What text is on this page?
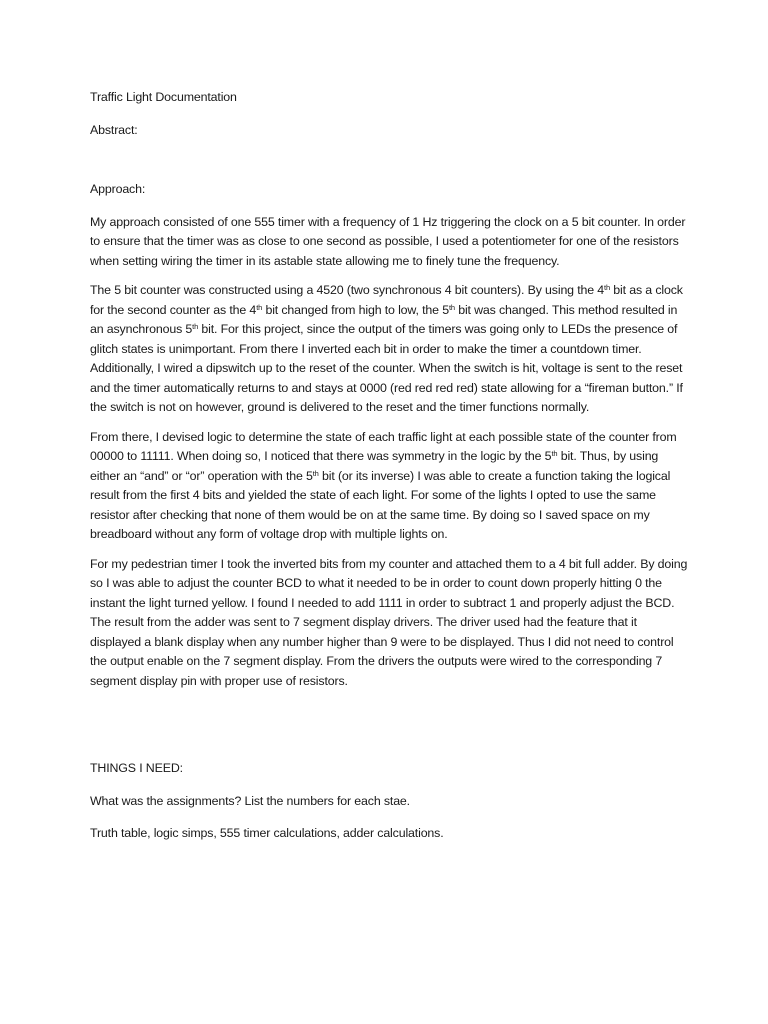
Traffic Light Documentation

Abstract:

Approach:

My approach consisted of one 555 timer with a frequency of 1 Hz triggering the clock on a 5 bit counter. In order to ensure that the timer was as close to one second as possible, I used a potentiometer for one of the resistors when setting wiring the timer in its astable state allowing me to finely tune the frequency.

The 5 bit counter was constructed using a 4520 (two synchronous 4 bit counters). By using the 4th bit as a clock for the second counter as the 4th bit changed from high to low, the 5th bit was changed. This method resulted in an asynchronous 5th bit. For this project, since the output of the timers was going only to LEDs the presence of glitch states is unimportant. From there I inverted each bit in order to make the timer a countdown timer. Additionally, I wired a dipswitch up to the reset of the counter. When the switch is hit, voltage is sent to the reset and the timer automatically returns to and stays at 0000 (red red red red) state allowing for a “fireman button.” If the switch is not on however, ground is delivered to the reset and the timer functions normally.

From there, I devised logic to determine the state of each traffic light at each possible state of the counter from 00000 to 11111. When doing so, I noticed that there was symmetry in the logic by the 5th bit. Thus, by using either an “and” or “or” operation with the 5th bit (or its inverse) I was able to create a function taking the logical result from the first 4 bits and yielded the state of each light. For some of the lights I opted to use the same resistor after checking that none of them would be on at the same time. By doing so I saved space on my breadboard without any form of voltage drop with multiple lights on.

For my pedestrian timer I took the inverted bits from my counter and attached them to a 4 bit full adder. By doing so I was able to adjust the counter BCD to what it needed to be in order to count down properly hitting 0 the instant the light turned yellow. I found I needed to add 1111 in order to subtract 1 and properly adjust the BCD. The result from the adder was sent to 7 segment display drivers. The driver used had the feature that it displayed a blank display when any number higher than 9 were to be displayed. Thus I did not need to control the output enable on the 7 segment display. From the drivers the outputs were wired to the corresponding 7 segment display pin with proper use of resistors.

THINGS I NEED:

What was the assignments? List the numbers for each stae.

Truth table, logic simps, 555 timer calculations, adder calculations.
